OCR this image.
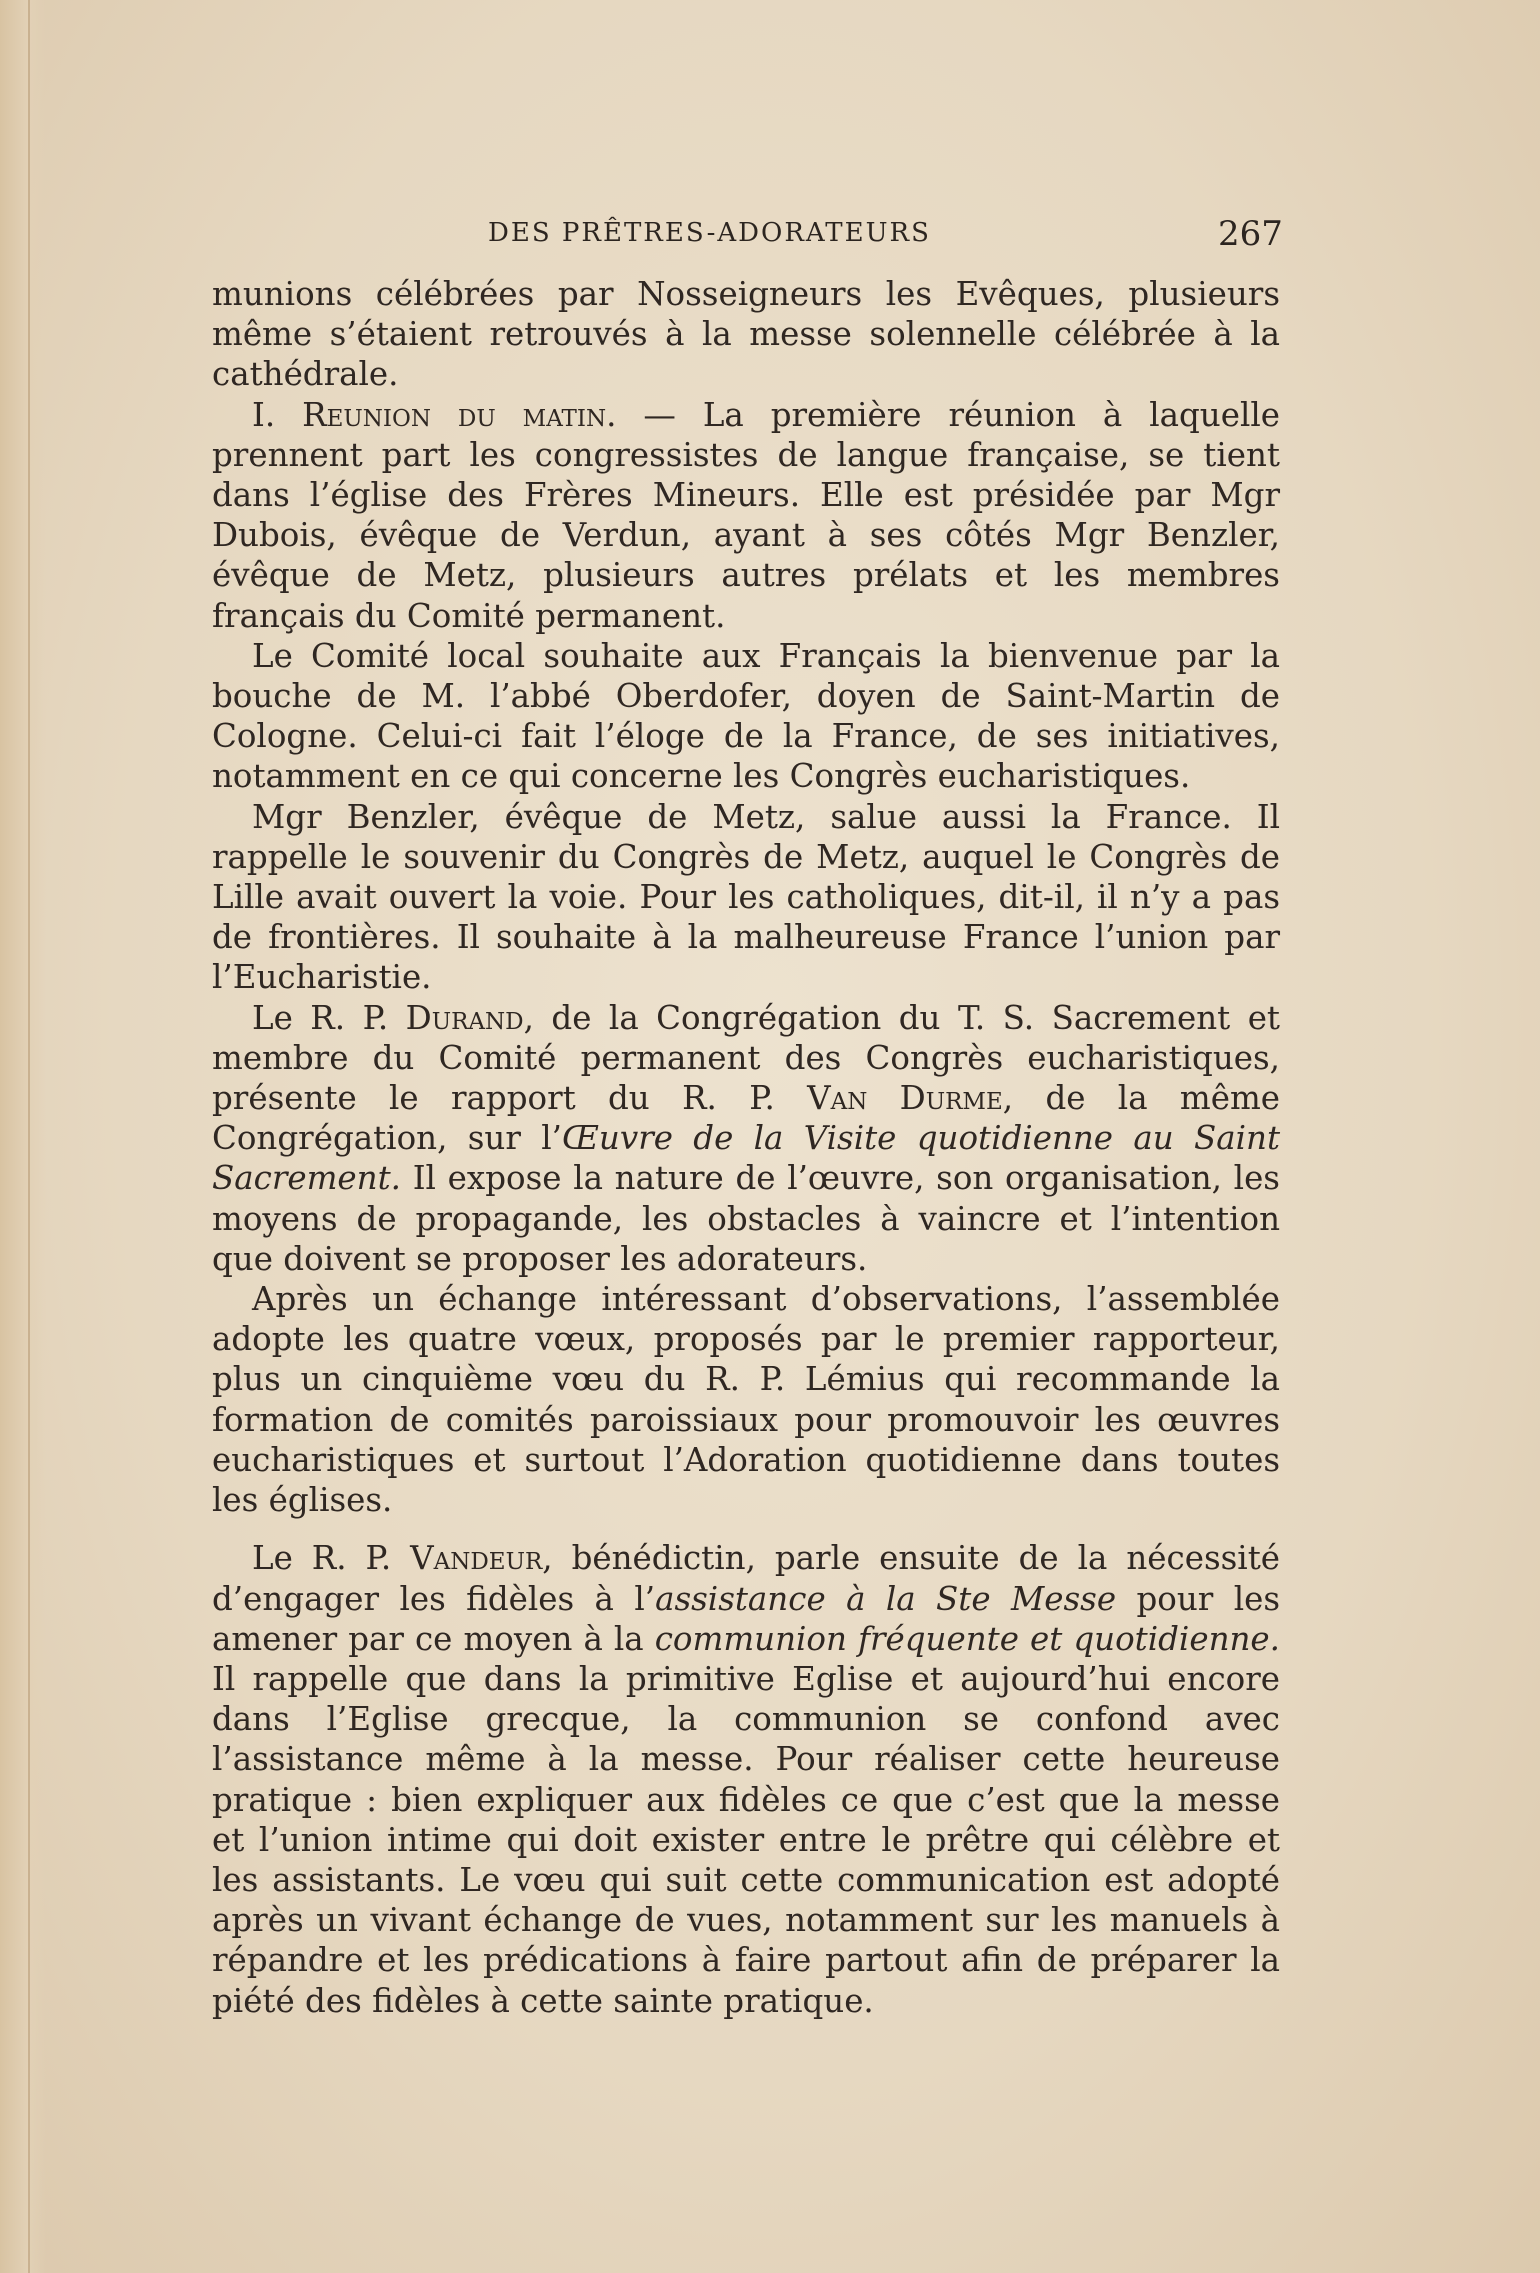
DES PRÊTRES-ADORATEURS	267

munions célébrées par Nosseigneurs les Evêques, plusieurs même s’étaient retrouvés à la messe solennelle célébrée à la cathédrale.

I. Reunion du matin. — La première réunion à laquelle prennent part les congressistes de langue française, se tient dans l’église des Frères Mineurs. Elle est présidée par Mgr Dubois, évêque de Verdun, ayant à ses côtés Mgr Benzler, évêque de Metz, plusieurs autres prélats et les membres français du Comité permanent.

Le Comité local souhaite aux Français la bienvenue par la bouche de M. l’abbé Oberdofer, doyen de Saint-Martin de Cologne. Celui-ci fait l’éloge de la France, de ses initiatives, notamment en ce qui concerne les Congrès eucharistiques.

Mgr Benzler, évêque de Metz, salue aussi la France. Il rappelle le souvenir du Congrès de Metz, auquel le Congrès de Lille avait ouvert la voie. Pour les catholiques, dit-il, il n’y a pas de frontières. Il souhaite à la malheureuse France l’union par l’Eucharistie.

Le R. P. Durand, de la Congrégation du T. S. Sacrement et membre du Comité permanent des Congrès eucharistiques, présente le rapport du R. P. Van Durme, de la même Congrégation, sur l’Œuvre de la Visite quotidienne au Saint Sacrement. Il expose la nature de l’œuvre, son organisation, les moyens de propagande, les obstacles à vaincre et l’intention que doivent se proposer les adorateurs.

Après un échange intéressant d’observations, l’assemblée adopte les quatre vœux, proposés par le premier rapporteur, plus un cinquième vœu du R. P. Lémius qui recommande la formation de comités paroissiaux pour promouvoir les œuvres eucharistiques et surtout l’Adoration quotidienne dans toutes les églises.

Le R. P. Vandeur, bénédictin, parle ensuite de la nécessité d’engager les fidèles à l’assistance à la Ste Messe pour les amener par ce moyen à la communion fréquente et quotidienne. Il rappelle que dans la primitive Eglise et aujourd’hui encore dans l’Eglise grecque, la communion se confond avec l’assistance même à la messe. Pour réaliser cette heureuse pratique : bien expliquer aux fidèles ce que c’est que la messe et l’union intime qui doit exister entre le prêtre qui célèbre et les assistants. Le vœu qui suit cette communication est adopté après un vivant échange de vues, notamment sur les manuels à répandre et les prédications à faire partout afin de préparer la piété des fidèles à cette sainte pratique.
